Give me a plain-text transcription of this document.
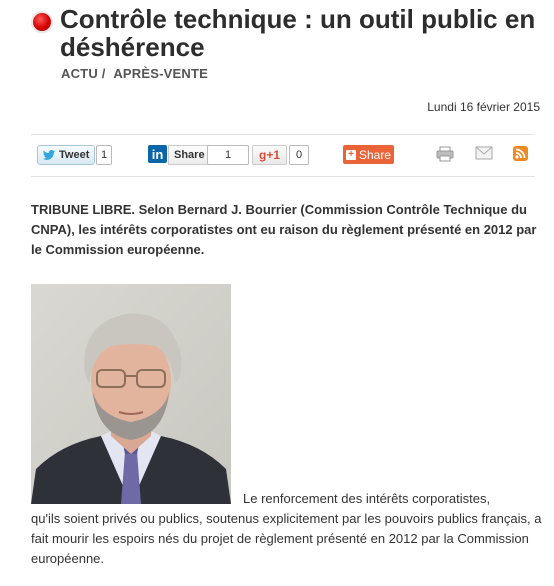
Contrôle technique : un outil public en déshérence
ACTU / APRÈS-VENTE
Lundi 16 février 2015
Tweet	1	in Share	1	g+1	0	+ Share

TRIBUNE LIBRE. Selon Bernard J. Bourrier (Commission Contrôle Technique du CNPA), les intérêts corporatistes ont eu raison du règlement présenté en 2012 par le Commission européenne.

Le renforcement des intérêts corporatistes,

qu'ils soient privés ou publics, soutenus explicitement par les pouvoirs publics français, a fait mourir les espoirs nés du projet de règlement présenté en 2012 par la Commission européenne.
